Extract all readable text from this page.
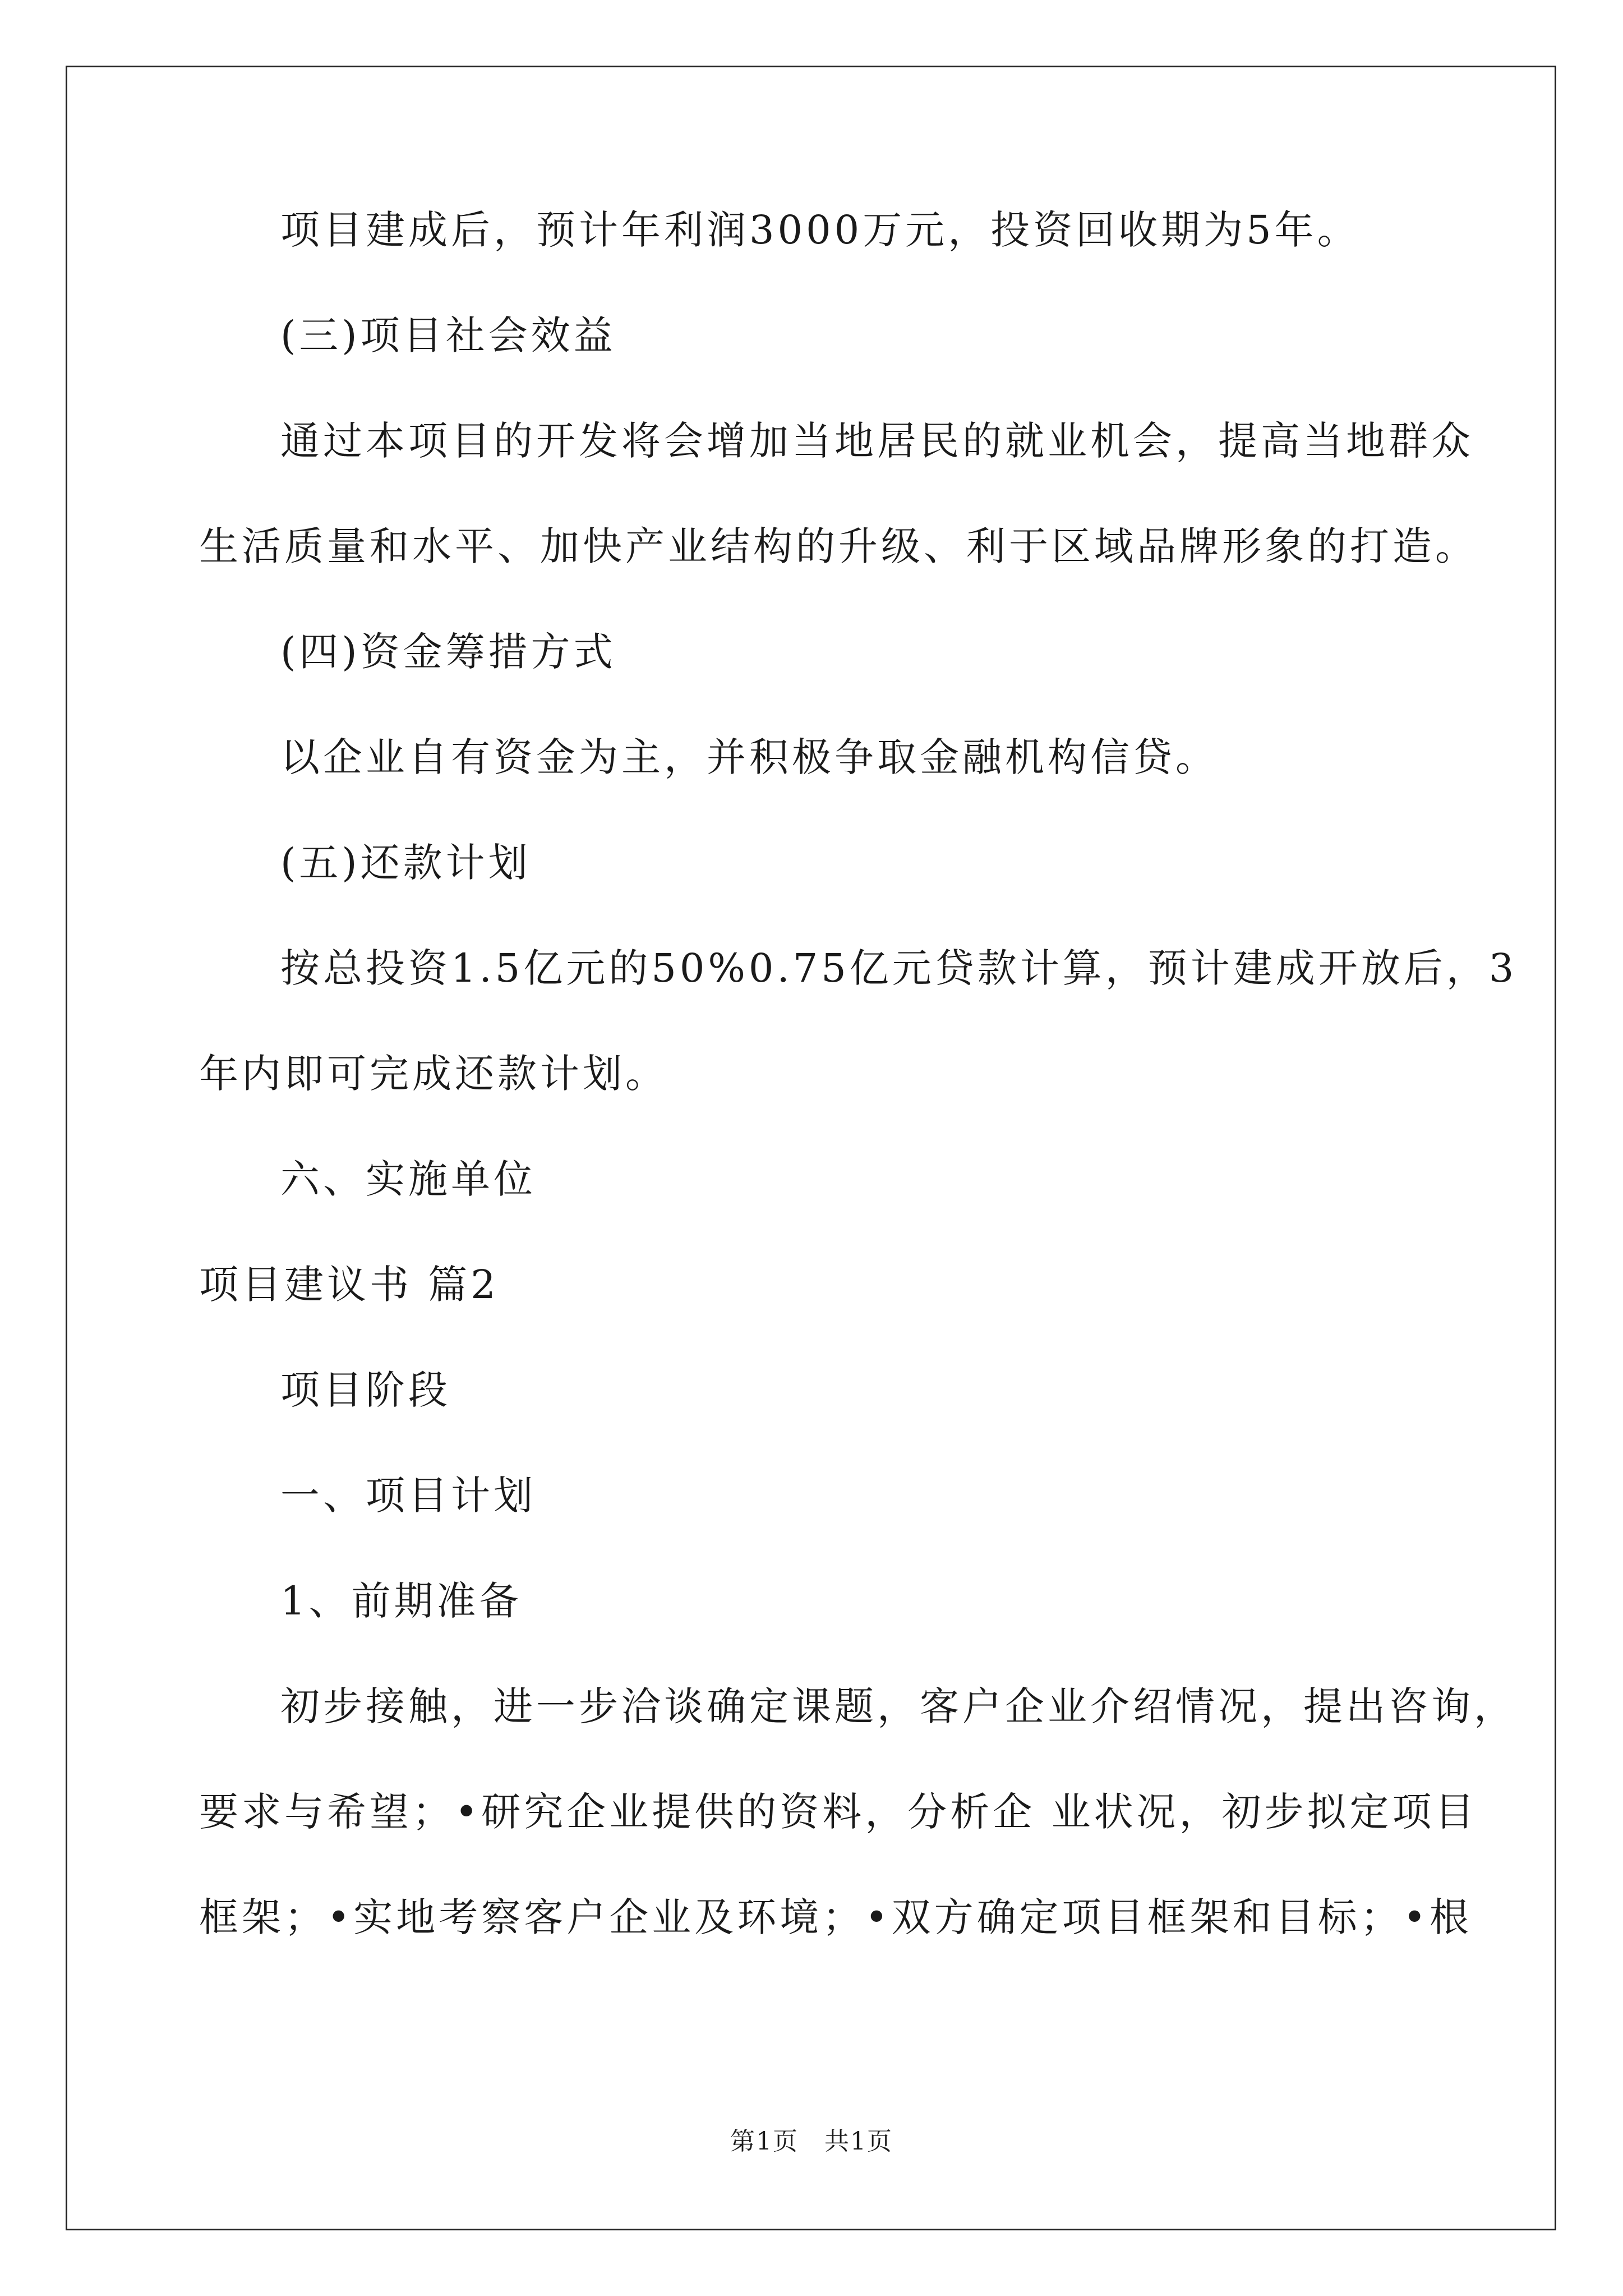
项目建成后，预计年利润3000万元，投资回收期为5年。
(三)项目社会效益
通过本项目的开发将会增加当地居民的就业机会，提高当地群众
生活质量和水平、加快产业结构的升级、利于区域品牌形象的打造。
(四)资金筹措方式
以企业自有资金为主，并积极争取金融机构信贷。
(五)还款计划
按总投资1.5亿元的50%0.75亿元贷款计算，预计建成开放后，3
年内即可完成还款计划。
六、实施单位
项目建议书 篇2
项目阶段
一、项目计划
1、前期准备
初步接触，进一步洽谈确定课题，客户企业介绍情况，提出咨询，
要求与希望；•研究企业提供的资料，分析企 业状况，初步拟定项目
框架；•实地考察客户企业及环境；•双方确定项目框架和目标；•根
第1页　共1页
